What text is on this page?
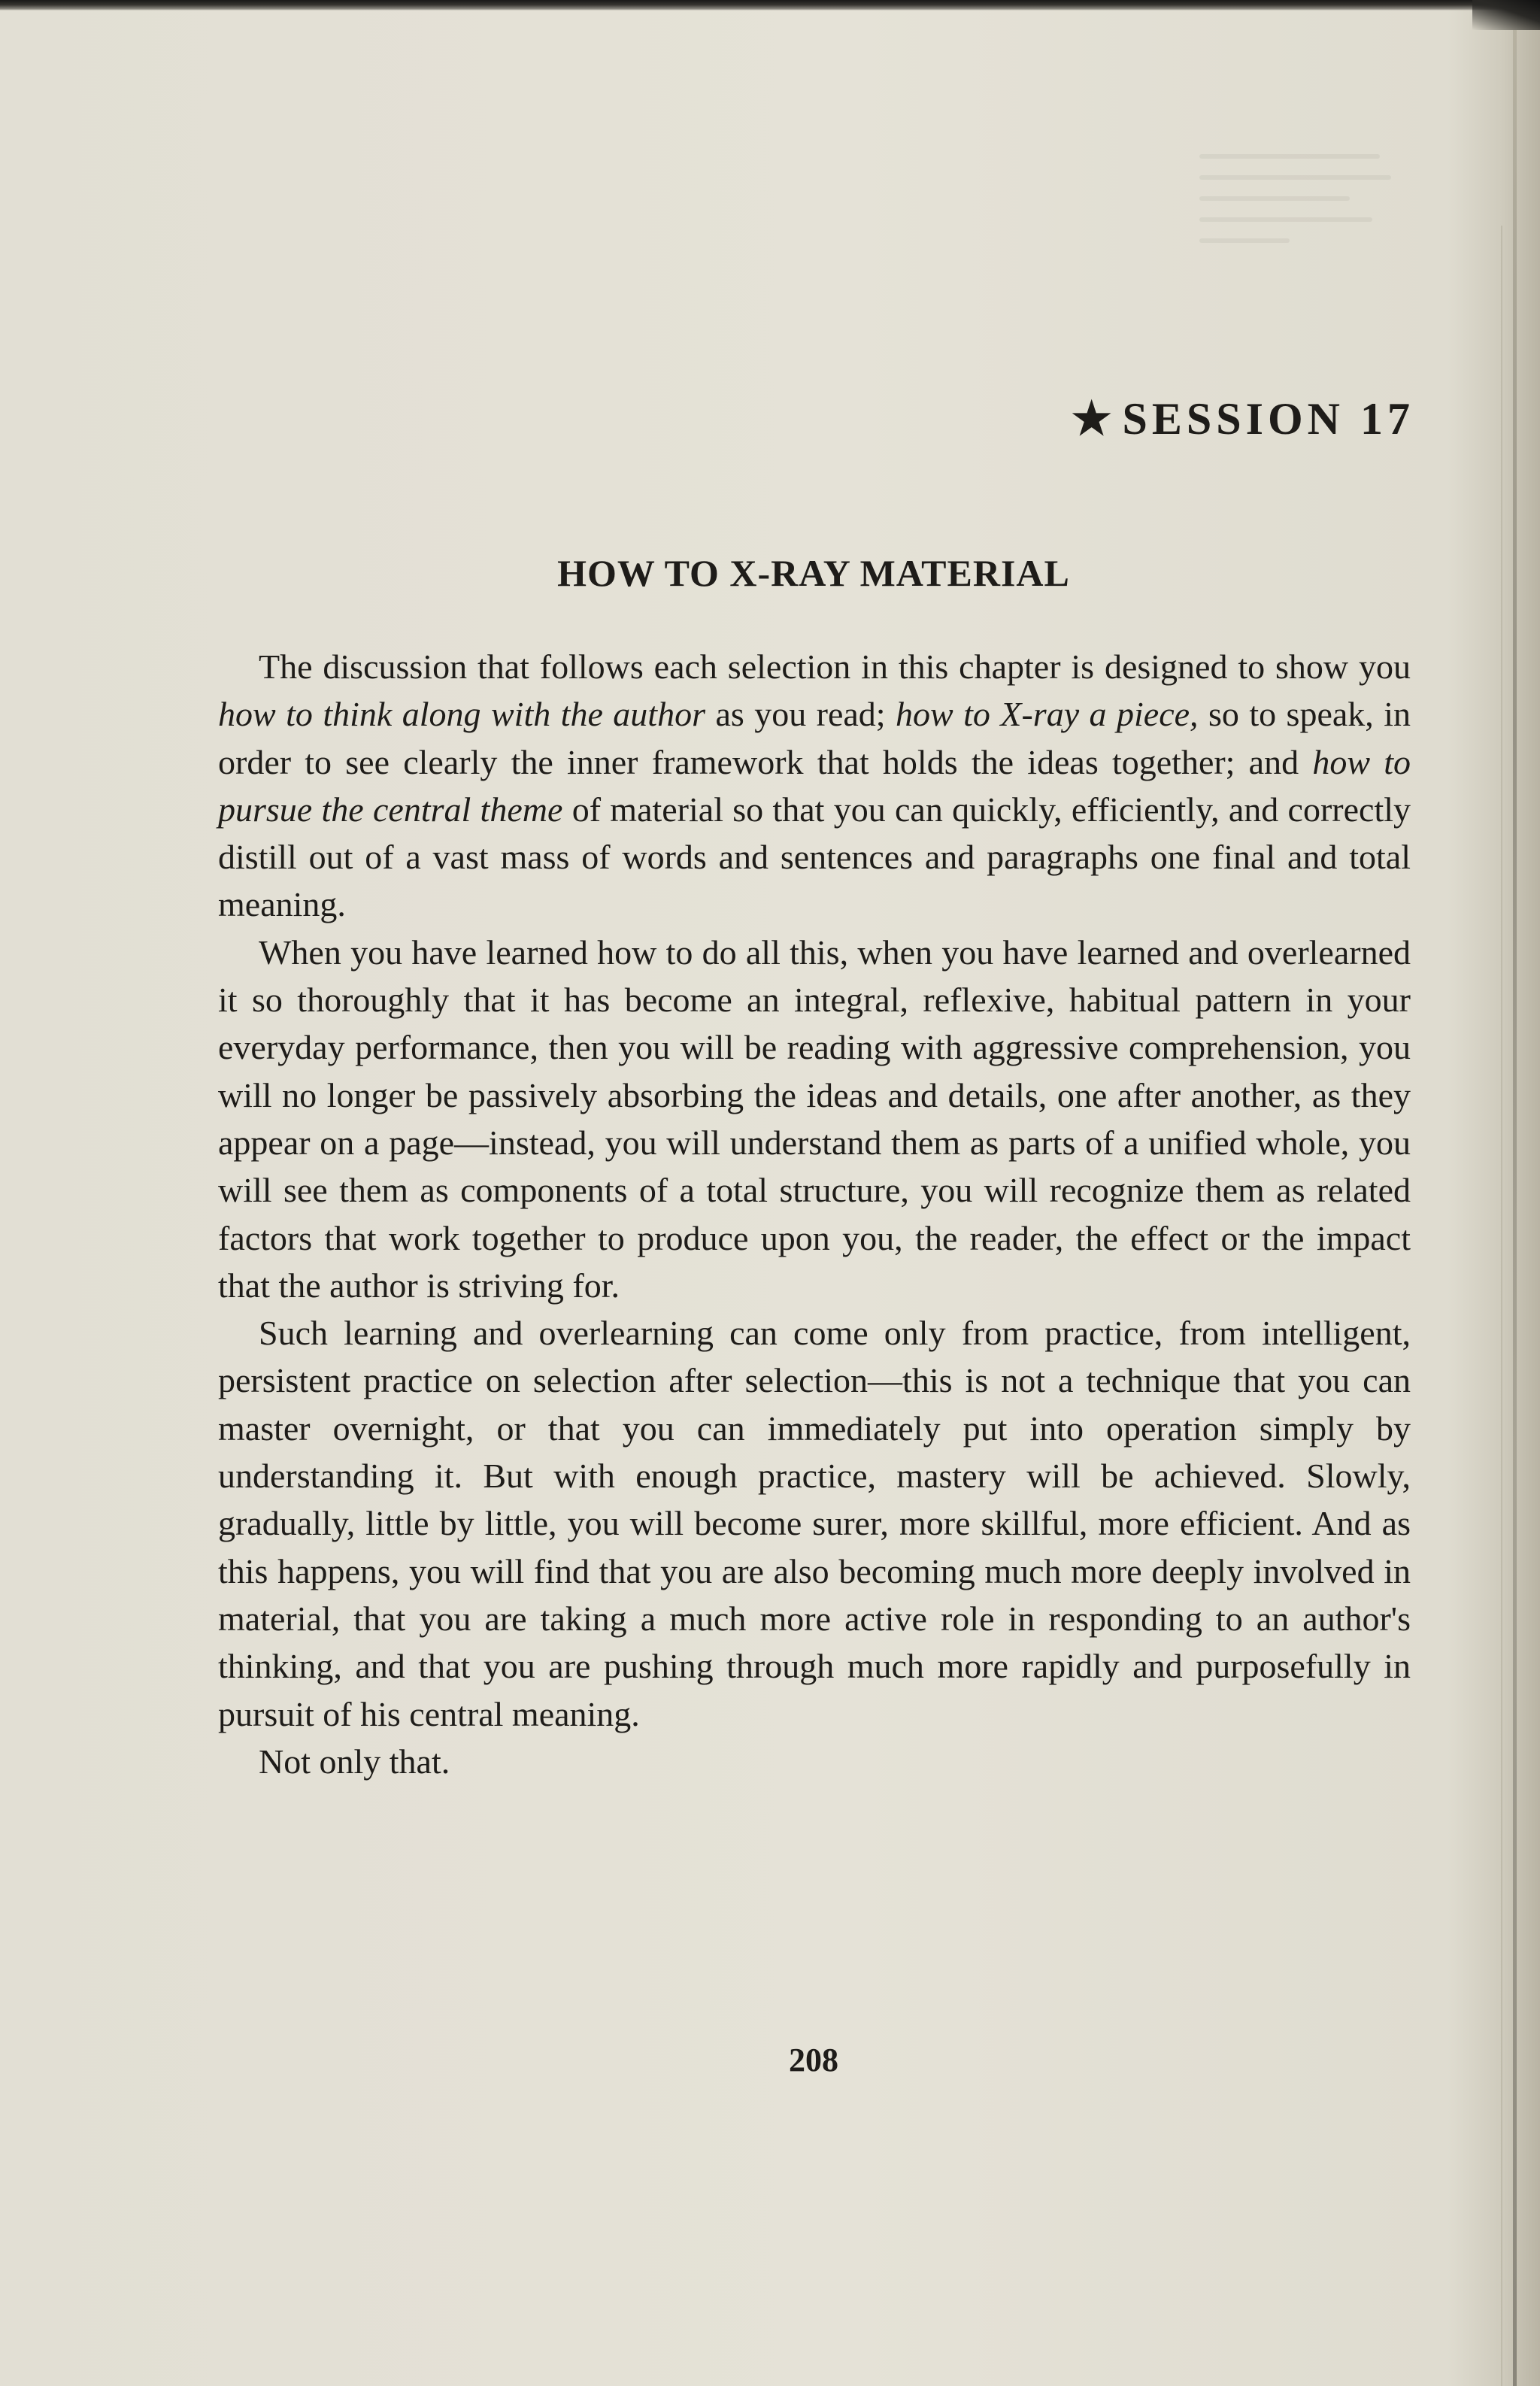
★ SESSION 17
HOW TO X-RAY MATERIAL

The discussion that follows each selection in this chapter is designed to show you how to think along with the author as you read; how to X-ray a piece, so to speak, in order to see clearly the inner framework that holds the ideas together; and how to pursue the central theme of material so that you can quickly, efficiently, and correctly distill out of a vast mass of words and sentences and paragraphs one final and total meaning.

When you have learned how to do all this, when you have learned and overlearned it so thoroughly that it has become an integral, reflexive, habitual pattern in your everyday performance, then you will be reading with aggressive comprehension, you will no longer be passively absorbing the ideas and details, one after another, as they appear on a page—instead, you will understand them as parts of a unified whole, you will see them as components of a total structure, you will recognize them as related factors that work together to produce upon you, the reader, the effect or the impact that the author is striving for.

Such learning and overlearning can come only from practice, from intelligent, persistent practice on selection after selection—this is not a technique that you can master overnight, or that you can immediately put into operation simply by understanding it. But with enough practice, mastery will be achieved. Slowly, gradually, little by little, you will become surer, more skillful, more efficient. And as this happens, you will find that you are also becoming much more deeply involved in material, that you are taking a much more active role in responding to an author's thinking, and that you are pushing through much more rapidly and purposefully in pursuit of his central meaning.

Not only that.

208
